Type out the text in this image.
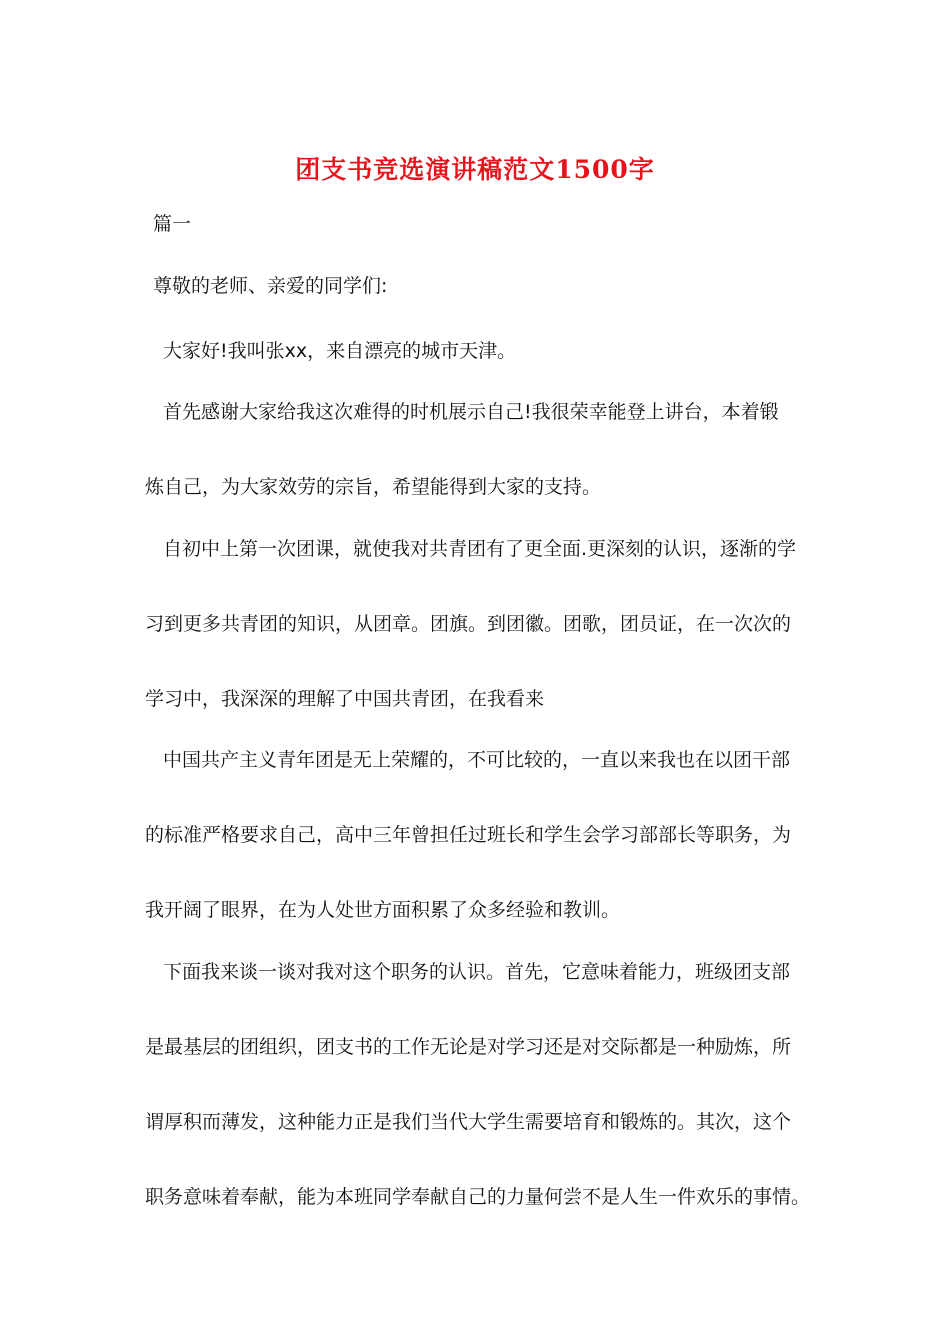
团支书竞选演讲稿范文1500字
篇一
尊敬的老师、亲爱的同学们:
大家好!我叫张xx，来自漂亮的城市天津。
首先感谢大家给我这次难得的时机展示自己!我很荣幸能登上讲台，本着锻
炼自己，为大家效劳的宗旨，希望能得到大家的支持。
自初中上第一次团课，就使我对共青团有了更全面.更深刻的认识，逐渐的学
习到更多共青团的知识，从团章。团旗。到团徽。团歌，团员证，在一次次的
学习中，我深深的理解了中国共青团，在我看来
中国共产主义青年团是无上荣耀的，不可比较的，一直以来我也在以团干部
的标准严格要求自己，高中三年曾担任过班长和学生会学习部部长等职务，为
我开阔了眼界，在为人处世方面积累了众多经验和教训。
下面我来谈一谈对我对这个职务的认识。首先，它意味着能力，班级团支部
是最基层的团组织，团支书的工作无论是对学习还是对交际都是一种励炼，所
谓厚积而薄发，这种能力正是我们当代大学生需要培育和锻炼的。其次，这个
职务意味着奉献，能为本班同学奉献自己的力量何尝不是人生一件欢乐的事情。
